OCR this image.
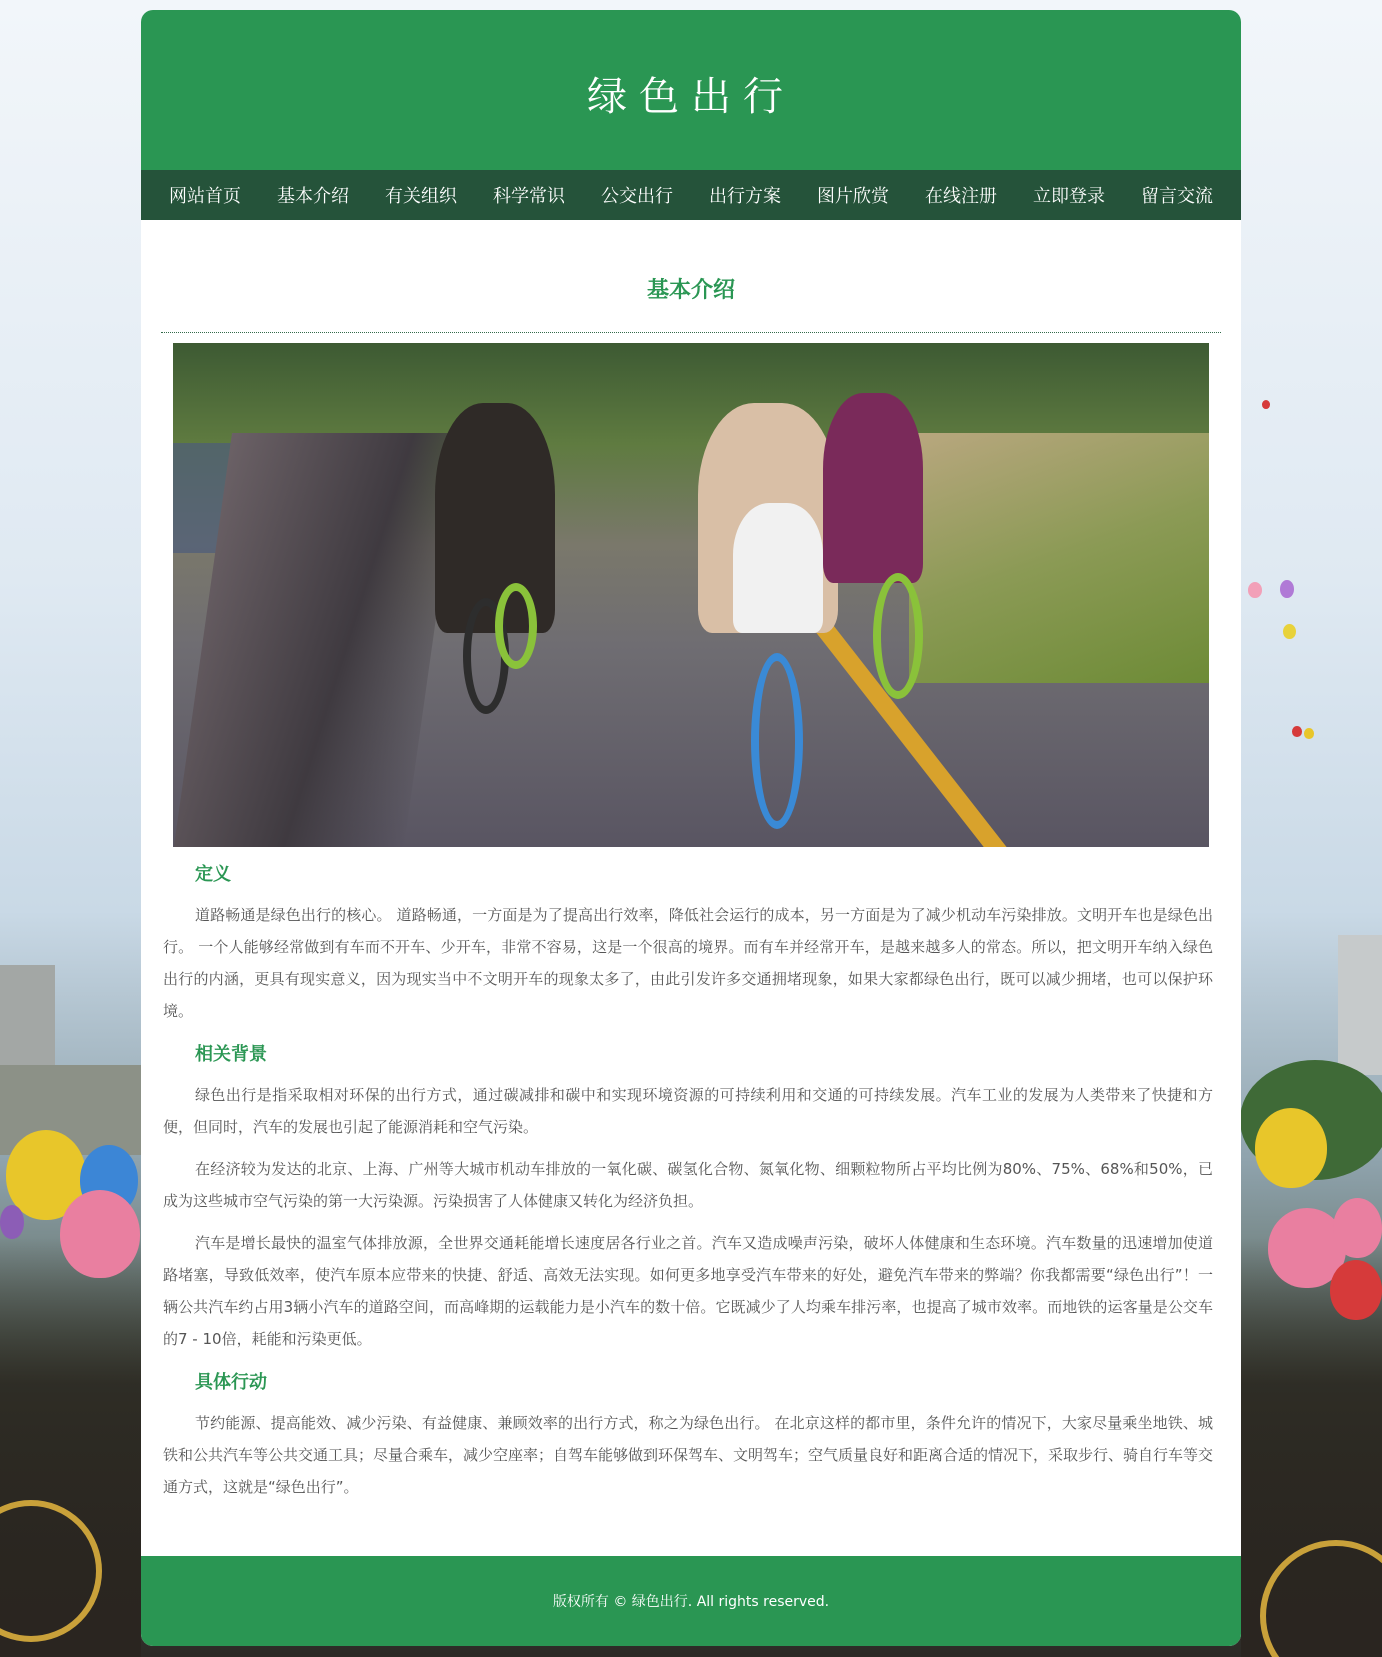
绿色出行
网站首页 基本介绍 有关组织 科学常识 公交出行 出行方案 图片欣赏 在线注册 立即登录 留言交流
基本介绍
定义

道路畅通是绿色出行的核心。 道路畅通，一方面是为了提高出行效率，降低社会运行的成本，另一方面是为了减少机动车污染排放。文明开车也是绿色出行。 一个人能够经常做到有车而不开车、少开车，非常不容易，这是一个很高的境界。而有车并经常开车，是越来越多人的常态。所以，把文明开车纳入绿色出行的内涵，更具有现实意义，因为现实当中不文明开车的现象太多了，由此引发许多交通拥堵现象，如果大家都绿色出行，既可以减少拥堵，也可以保护环境。

相关背景

绿色出行是指采取相对环保的出行方式，通过碳减排和碳中和实现环境资源的可持续利用和交通的可持续发展。汽车工业的发展为人类带来了快捷和方便，但同时，汽车的发展也引起了能源消耗和空气污染。

在经济较为发达的北京、上海、广州等大城市机动车排放的一氧化碳、碳氢化合物、氮氧化物、细颗粒物所占平均比例为80%、75%、68%和50%，已成为这些城市空气污染的第一大污染源。污染损害了人体健康又转化为经济负担。

汽车是增长最快的温室气体排放源，全世界交通耗能增长速度居各行业之首。汽车又造成噪声污染，破坏人体健康和生态环境。汽车数量的迅速增加使道路堵塞，导致低效率，使汽车原本应带来的快捷、舒适、高效无法实现。如何更多地享受汽车带来的好处，避免汽车带来的弊端？你我都需要“绿色出行”！一辆公共汽车约占用3辆小汽车的道路空间，而高峰期的运载能力是小汽车的数十倍。它既减少了人均乘车排污率，也提高了城市效率。而地铁的运客量是公交车的7 - 10倍，耗能和污染更低。

具体行动

节约能源、提高能效、减少污染、有益健康、兼顾效率的出行方式，称之为绿色出行。 在北京这样的都市里，条件允许的情况下，大家尽量乘坐地铁、城铁和公共汽车等公共交通工具；尽量合乘车，减少空座率；自驾车能够做到环保驾车、文明驾车；空气质量良好和距离合适的情况下，采取步行、骑自行车等交通方式，这就是“绿色出行”。

版权所有 © 绿色出行. All rights reserved.
